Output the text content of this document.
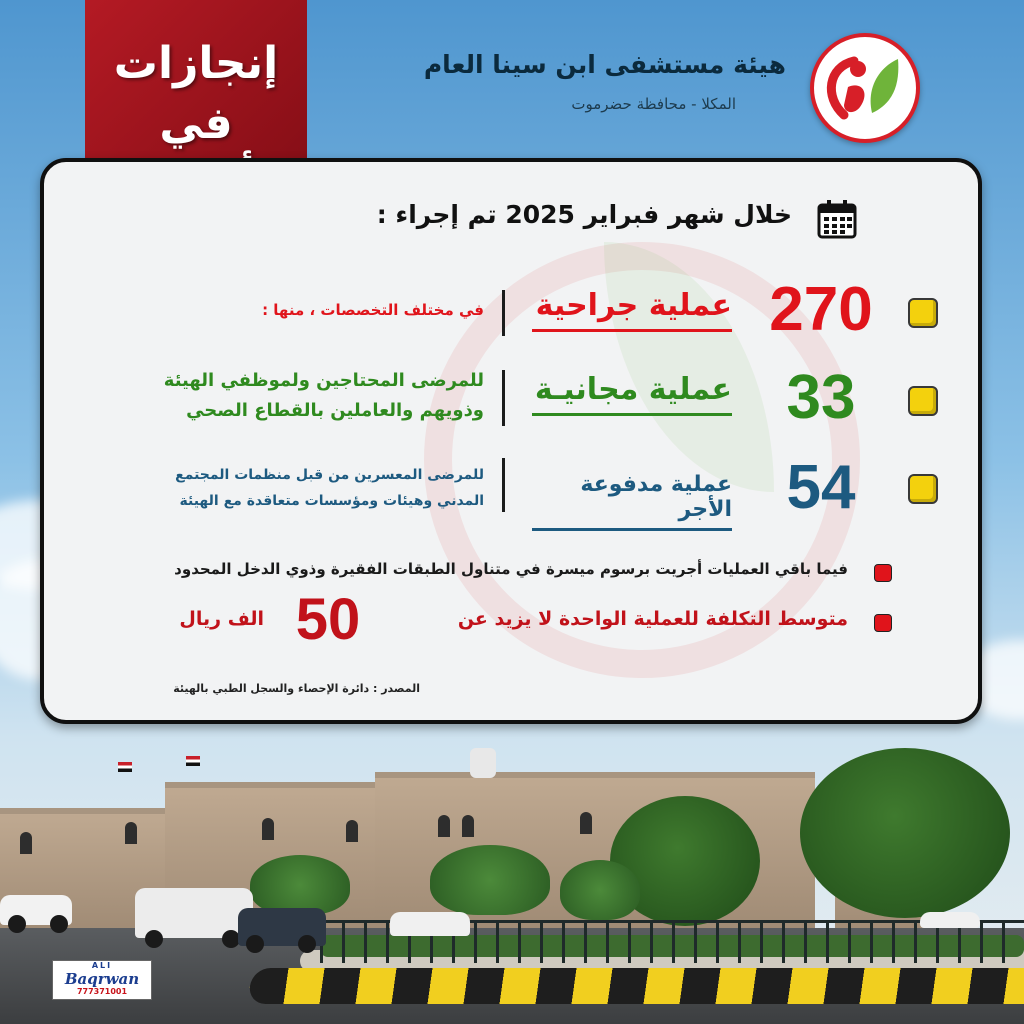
إنجازات
في
هيئة مستشفى ابن سينا العام
المكلا - محافظة حضرموت
خلال شهر فبراير 2025 تم إجراء :
270
عملية جراحية
في مختلف التخصصات ، منها :
33
عملية مجانيـة
للمرضى المحتاجين ولموظفي الهيئة
وذويهم والعاملين بالقطاع الصحي
54
عملية مدفوعة الأجر
للمرضى المعسرين من قبل منظمات المجتمع
المدني وهيئات ومؤسسات متعاقدة مع الهيئة
فيما باقي العمليات أجريت برسوم ميسرة في متناول الطبقات الفقيرة وذوي الدخل المحدود
متوسط التكلفة للعملية الواحدة لا يزيد عن
50
الف ريال
المصدر : دائرة الإحصاء والسجل الطبي بالهيئة
ALI
Baqrwan
777371001
